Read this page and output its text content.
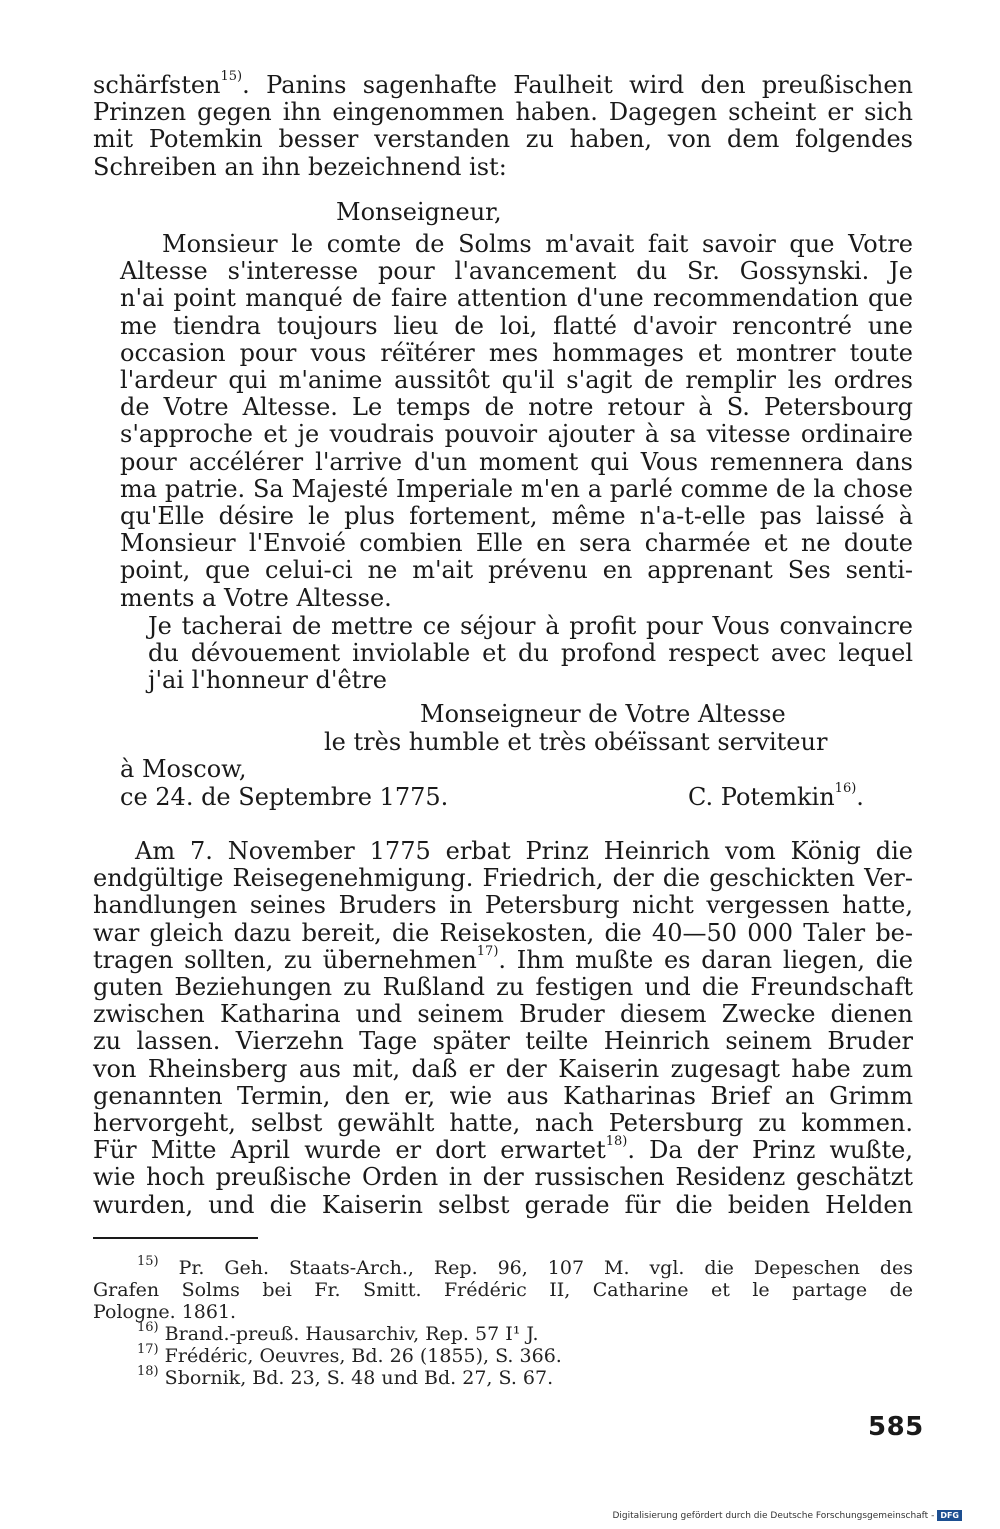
schärfsten$^{15)}$. Panins sagenhafte Faulheit wird den preußischen
Prinzen gegen ihn eingenommen haben. Dagegen scheint er sich
mit Potemkin besser verstanden zu haben, von dem folgendes
Schreiben an ihn bezeichnend ist:
Monseigneur,
Monsieur le comte de Solms m'avait fait savoir que Votre
Altesse s'interesse pour l'avancement du Sr. Gossynski. Je
n'ai point manqué de faire attention d'une recommendation que
me tiendra toujours lieu de loi, flatté d'avoir rencontré une
occasion pour vous réïtérer mes hommages et montrer toute
l'ardeur qui m'anime aussitôt qu'il s'agit de remplir les ordres
de Votre Altesse. Le temps de notre retour à S. Petersbourg
s'approche et je voudrais pouvoir ajouter à sa vitesse ordinaire
pour accélérer l'arrive d'un moment qui Vous remennera dans
ma patrie. Sa Majesté Imperiale m'en a parlé comme de la chose
qu'Elle désire le plus fortement, même n'a-t-elle pas laissé à
Monsieur l'Envoié combien Elle en sera charmée et ne doute
point, que celui-ci ne m'ait prévenu en apprenant Ses senti-
ments a Votre Altesse.
Je tacherai de mettre ce séjour à profit pour Vous convaincre
du dévouement inviolable et du profond respect avec lequel
j'ai l'honneur d'être
Monseigneur de Votre Altesse
le très humble et très obéïssant serviteur
à Moscow,
ce 24. de Septembre 1775.	C. Potemkin$^{16)}$.
Am 7. November 1775 erbat Prinz Heinrich vom König die
endgültige Reisegenehmigung. Friedrich, der die geschickten Ver-
handlungen seines Bruders in Petersburg nicht vergessen hatte,
war gleich dazu bereit, die Reisekosten, die 40—50 000 Taler be-
tragen sollten, zu übernehmen$^{17)}$. Ihm mußte es daran liegen, die
guten Beziehungen zu Rußland zu festigen und die Freundschaft
zwischen Katharina und seinem Bruder diesem Zwecke dienen
zu lassen. Vierzehn Tage später teilte Heinrich seinem Bruder
von Rheinsberg aus mit, daß er der Kaiserin zugesagt habe zum
genannten Termin, den er, wie aus Katharinas Brief an Grimm
hervorgeht, selbst gewählt hatte, nach Petersburg zu kommen.
Für Mitte April wurde er dort erwartet$^{18)}$. Da der Prinz wußte,
wie hoch preußische Orden in der russischen Residenz geschätzt
wurden, und die Kaiserin selbst gerade für die beiden Helden
$^{15)}$ Pr. Geh. Staats-Arch., Rep. 96, 107 M. vgl. die Depeschen des
Grafen Solms bei Fr. Smitt. Frédéric II, Catharine et le partage de
Pologne. 1861.
$^{16)}$ Brand.-preuß. Hausarchiv, Rep. 57 I¹ J.
$^{17)}$ Frédéric, Oeuvres, Bd. 26 (1855), S. 366.
$^{18)}$ Sbornik, Bd. 23, S. 48 und Bd. 27, S. 67.
585
Digitalisierung gefördert durch die Deutsche Forschungsgemeinschaft - DFG
